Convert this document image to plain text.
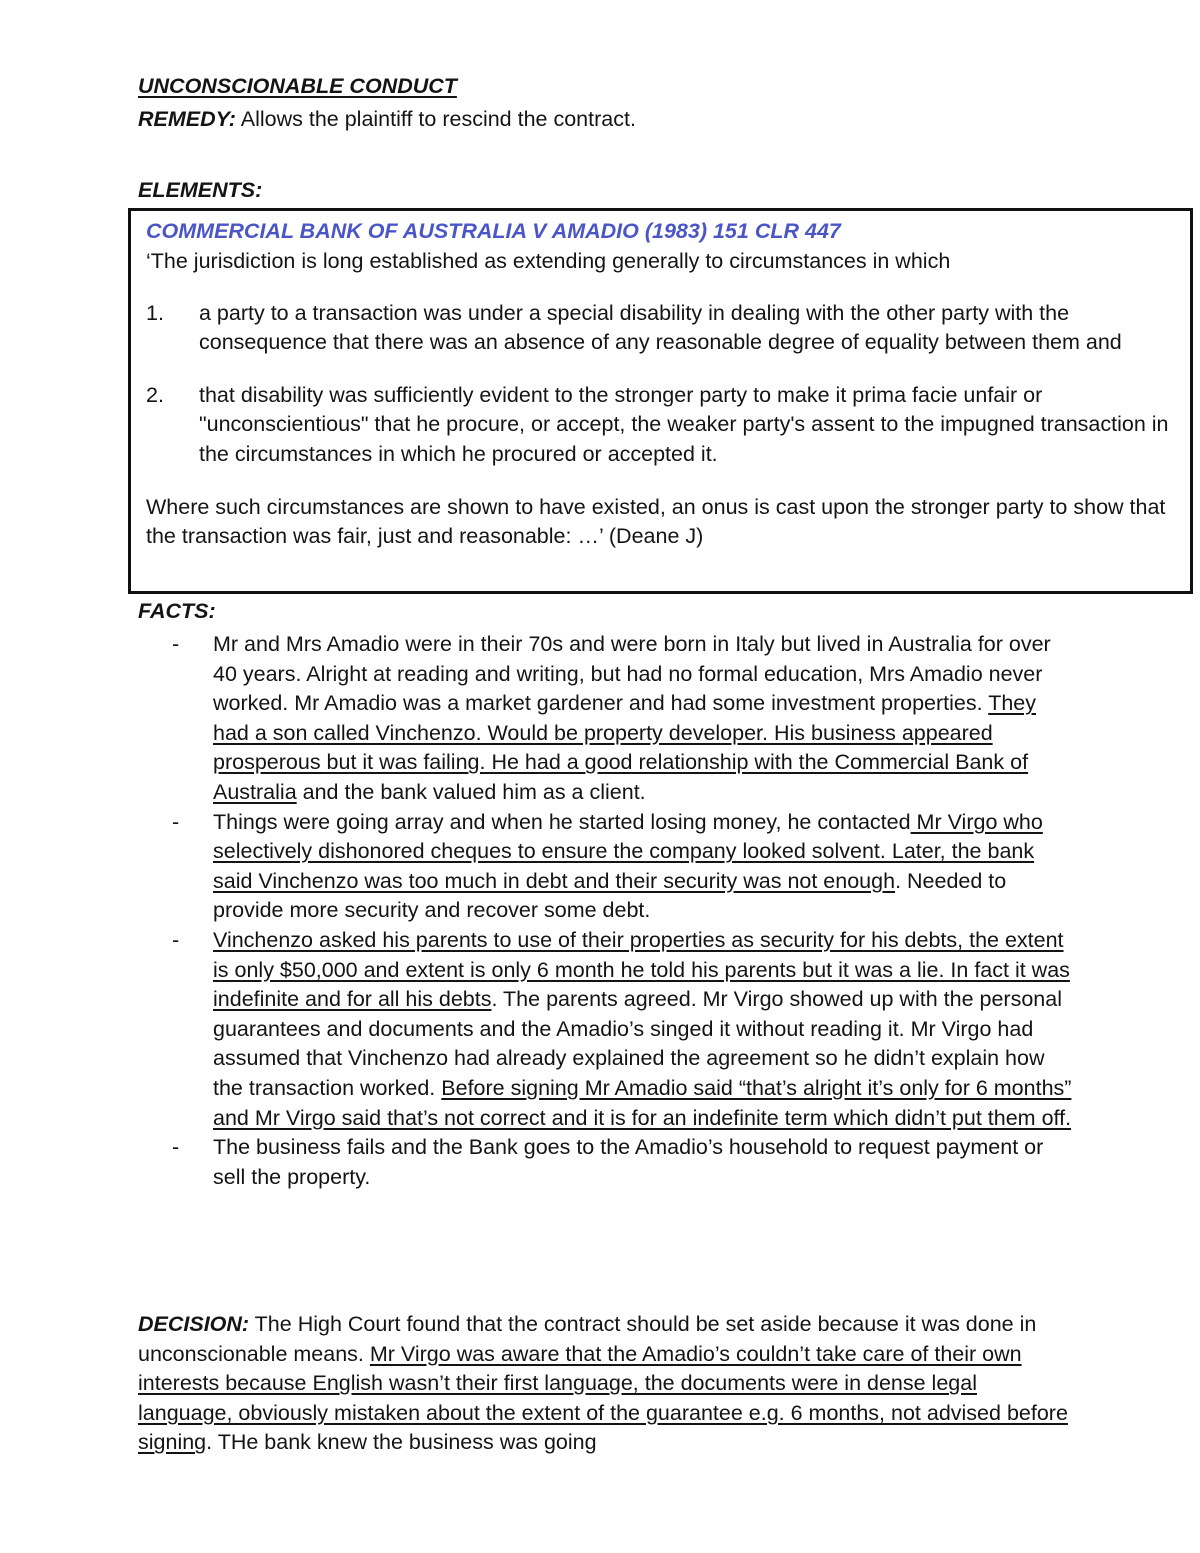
UNCONSCIONABLE CONDUCT
REMEDY: Allows the plaintiff to rescind the contract.
ELEMENTS:
COMMERCIAL BANK OF AUSTRALIA V AMADIO (1983) 151 CLR 447

‘The jurisdiction is long established as extending generally to circumstances in which

1. a party to a transaction was under a special disability in dealing with the other party with the consequence that there was an absence of any reasonable degree of equality between them and
2. that disability was sufficiently evident to the stronger party to make it prima facie unfair or "unconscientious" that he procure, or accept, the weaker party's assent to the impugned transaction in the circumstances in which he procured or accepted it.

Where such circumstances are shown to have existed, an onus is cast upon the stronger party to show that the transaction was fair, just and reasonable: …’ (Deane J)

FACTS:
- Mr and Mrs Amadio were in their 70s and were born in Italy but lived in Australia for over 40 years. Alright at reading and writing, but had no formal education, Mrs Amadio never worked. Mr Amadio was a market gardener and had some investment properties. They had a son called Vinchenzo. Would be property developer. His business appeared prosperous but it was failing. He had a good relationship with the Commercial Bank of Australia and the bank valued him as a client.
- Things were going array and when he started losing money, he contacted Mr Virgo who selectively dishonored cheques to ensure the company looked solvent. Later, the bank said Vinchenzo was too much in debt and their security was not enough. Needed to provide more security and recover some debt.
- Vinchenzo asked his parents to use of their properties as security for his debts, the extent is only $50,000 and extent is only 6 month he told his parents but it was a lie. In fact it was indefinite and for all his debts. The parents agreed. Mr Virgo showed up with the personal guarantees and documents and the Amadio’s singed it without reading it. Mr Virgo had assumed that Vinchenzo had already explained the agreement so he didn’t explain how the transaction worked. Before signing Mr Amadio said “that’s alright it’s only for 6 months” and Mr Virgo said that’s not correct and it is for an indefinite term which didn’t put them off.
- The business fails and the Bank goes to the Amadio’s household to request payment or sell the property.
DECISION: The High Court found that the contract should be set aside because it was done in unconscionable means. Mr Virgo was aware that the Amadio’s couldn’t take care of their own interests because English wasn’t their first language, the documents were in dense legal language, obviously mistaken about the extent of the guarantee e.g. 6 months, not advised before signing. THe bank knew the business was going
